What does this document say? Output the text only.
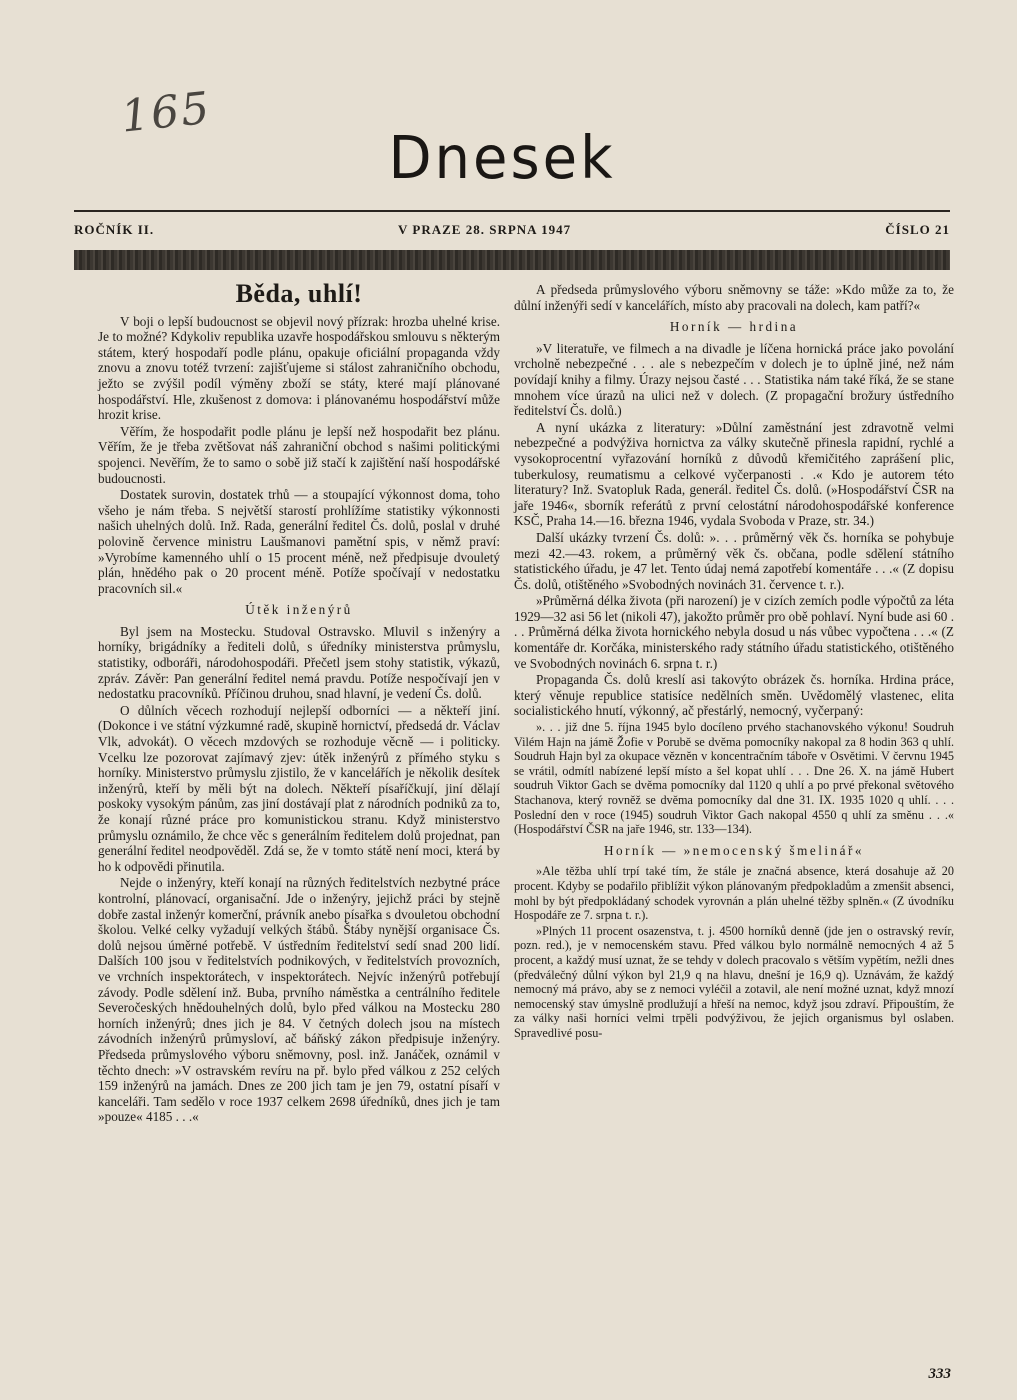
165
Dnesek
ROČNÍK II.	V PRAZE 28. SRPNA 1947	ČÍSLO 21
Běda, uhlí!

V boji o lepší budoucnost se objevil nový přízrak: hrozba uhelné krise. Je to možné? Kdykoliv republika uzavře hospodářskou smlouvu s některým státem, který hospodaří podle plánu, opakuje oficiální propaganda vždy znovu a znovu totéž tvrzení: zajišťujeme si stálost zahraničního obchodu, ježto se zvýšil podíl výměny zboží se státy, které mají plánované hospodářství. Hle, zkušenost z domova: i plánovanému hospodářství může hrozit krise.

Věřím, že hospodařit podle plánu je lepší než hospodařit bez plánu. Věřím, že je třeba zvětšovat náš zahraniční obchod s našimi politickými spojenci. Nevěřím, že to samo o sobě již stačí k zajištění naší hospodářské budoucnosti.

Dostatek surovin, dostatek trhů — a stoupající výkonnost doma, toho všeho je nám třeba. S největší starostí prohlížíme statistiky výkonnosti našich uhelných dolů. Inž. Rada, generální ředitel Čs. dolů, poslal v druhé polovině července ministru Laušmanovi pamětní spis, v němž praví: »Vyrobíme kamenného uhlí o 15 procent méně, než předpisuje dvouletý plán, hnědého pak o 20 procent méně. Potíže spočívají v nedostatku pracovních sil.«

Útěk inženýrů

Byl jsem na Mostecku. Studoval Ostravsko. Mluvil s inženýry a horníky, brigádníky a řediteli dolů, s úředníky ministerstva průmyslu, statistiky, odboráři, národohospodáři. Přečetl jsem stohy statistik, výkazů, zpráv. Závěr: Pan generální ředitel nemá pravdu. Potíže nespočívají jen v nedostatku pracovníků. Příčinou druhou, snad hlavní, je vedení Čs. dolů.

O důlních věcech rozhodují nejlepší odborníci — a někteří jiní. (Dokonce i ve státní výzkumné radě, skupině hornictví, předsedá dr. Václav Vlk, advokát). O věcech mzdových se rozhoduje věcně — i politicky. Vcelku lze pozorovat zajímavý zjev: útěk inženýrů z přímého styku s horníky. Ministerstvo průmyslu zjistilo, že v kancelářích je několik desítek inženýrů, kteří by měli být na dolech. Někteří písaříčkují, jiní dělají poskoky vysokým pánům, zas jiní dostávají plat z národních podniků za to, že konají různé práce pro komunistickou stranu. Když ministerstvo průmyslu oznámilo, že chce věc s generálním ředitelem dolů projednat, pan generální ředitel neodpověděl. Zdá se, že v tomto státě není moci, která by ho k odpovědi přinutila.

Nejde o inženýry, kteří konají na různých ředitelstvích nezbytné práce kontrolní, plánovací, organisační. Jde o inženýry, jejichž práci by stejně dobře zastal inženýr komerční, právník anebo písařka s dvouletou obchodní školou. Velké celky vyžadují velkých štábů. Štáby nynější organisace Čs. dolů nejsou úměrné potřebě. V ústředním ředitelství sedí snad 200 lidí. Dalších 100 jsou v ředitelstvích podnikových, v ředitelstvích provozních, ve vrchních inspektorátech, v inspektorátech. Nejvíc inženýrů potřebují závody. Podle sdělení inž. Buba, prvního náměstka a centrálního ředitele Severočeských hnědouhelných dolů, bylo před válkou na Mostecku 280 horních inženýrů; dnes jich je 84. V četných dolech jsou na místech závodních inženýrů průmysloví, ač báňský zákon předpisuje inženýry. Předseda průmyslového výboru sněmovny, posl. inž. Janáček, oznámil v těchto dnech: »V ostravském revíru na př. bylo před válkou z 252 celých 159 inženýrů na jamách. Dnes ze 200 jich tam je jen 79, ostatní písaří v kanceláři. Tam sedělo v roce 1937 celkem 2698 úředníků, dnes jich je tam »pouze« 4185 . . .«

A předseda průmyslového výboru sněmovny se táže: »Kdo může za to, že důlní inženýři sedí v kancelářích, místo aby pracovali na dolech, kam patří?«

Horník — hrdina

»V literatuře, ve filmech a na divadle je líčena hornická práce jako povolání vrcholně nebezpečné . . . ale s nebezpečím v dolech je to úplně jiné, než nám povídají knihy a filmy. Úrazy nejsou časté . . . Statistika nám také říká, že se stane mnohem více úrazů na ulici než v dolech. (Z propagační brožury ústředního ředitelství Čs. dolů.)

A nyní ukázka z literatury: »Důlní zaměstnání jest zdravotně velmi nebezpečné a podvýživa hornictva za války skutečně přinesla rapidní, rychlé a vysokoprocentní vyřazování horníků z důvodů křemičitého zaprášení plic, tuberkulosy, reumatismu a celkové vyčerpanosti . .« Kdo je autorem této literatury? Inž. Svatopluk Rada, generál. ředitel Čs. dolů. (»Hospodářství ČSR na jaře 1946«, sborník referátů z první celostátní národohospodářské konference KSČ, Praha 14.—16. března 1946, vydala Svoboda v Praze, str. 34.)

Další ukázky tvrzení Čs. dolů: ». . . průměrný věk čs. horníka se pohybuje mezi 42.—43. rokem, a průměrný věk čs. občana, podle sdělení státního statistického úřadu, je 47 let. Tento údaj nemá zapotřebí komentáře . . .« (Z dopisu Čs. dolů, otištěného »Svobodných novinách 31. července t. r.).

»Průměrná délka života (při narození) je v cizích zemích podle výpočtů za léta 1929—32 asi 56 let (nikoli 47), jakožto průměr pro obě pohlaví. Nyní bude asi 60 . . . Průměrná délka života hornického nebyla dosud u nás vůbec vypočtena . . .« (Z komentáře dr. Korčáka, ministerského rady státního úřadu statistického, otištěného ve Svobodných novinách 6. srpna t. r.)

Propaganda Čs. dolů kreslí asi takovýto obrázek čs. horníka. Hrdina práce, který věnuje republice statisíce nedělních směn. Uvědomělý vlastenec, elita socialistického hnutí, výkonný, ač přestárlý, nemocný, vyčerpaný:

». . . již dne 5. října 1945 bylo docíleno prvého stachanovského výkonu! Soudruh Vilém Hajn na jámě Žofie v Porubě se dvěma pomocníky nakopal za 8 hodin 363 q uhlí. Soudruh Hajn byl za okupace věznĕn v koncentračním táboře v Osvětimi. V červnu 1945 se vrátil, odmítl nabízené lepší místo a šel kopat uhlí . . . Dne 26. X. na jámě Hubert soudruh Viktor Gach se dvěma pomocníky dal 1120 q uhlí a po prvé překonal světového Stachanova, který rovněž se dvěma pomocníky dal dne 31. IX. 1935 1020 q uhlí. . . . Poslední den v roce (1945) soudruh Viktor Gach nakopal 4550 q uhlí za směnu . . .« (Hospodářství ČSR na jaře 1946, str. 133—134).

Horník — »nemocenský šmelinář«

»Ale těžba uhlí trpí také tím, že stále je značná absence, která dosahuje až 20 procent. Kdyby se podařilo přiblížit výkon plánovaným předpokladům a zmenšit absenci, mohl by být předpokládaný schodek vyrovnán a plán uhelné těžby splněn.« (Z úvodníku Hospodáře ze 7. srpna t. r.).

»Plných 11 procent osazenstva, t. j. 4500 horníků denně (jde jen o ostravský revír, pozn. red.), je v nemocenském stavu. Před válkou bylo normálně nemocných 4 až 5 procent, a každý musí uznat, že se tehdy v dolech pracovalo s větším vypětím, nežli dnes (předválečný důlní výkon byl 21,9 q na hlavu, dnešní je 16,9 q). Uznávám, že každý nemocný má právo, aby se z nemoci vyléčil a zotavil, ale není možné uznat, když mnozí nemocenský stav úmyslně prodlužují a hřeší na nemoc, když jsou zdraví. Připouštím, že za války naši horníci velmi trpěli podvýživou, že jejich organismus byl oslaben. Spravedlivé posu-

333
